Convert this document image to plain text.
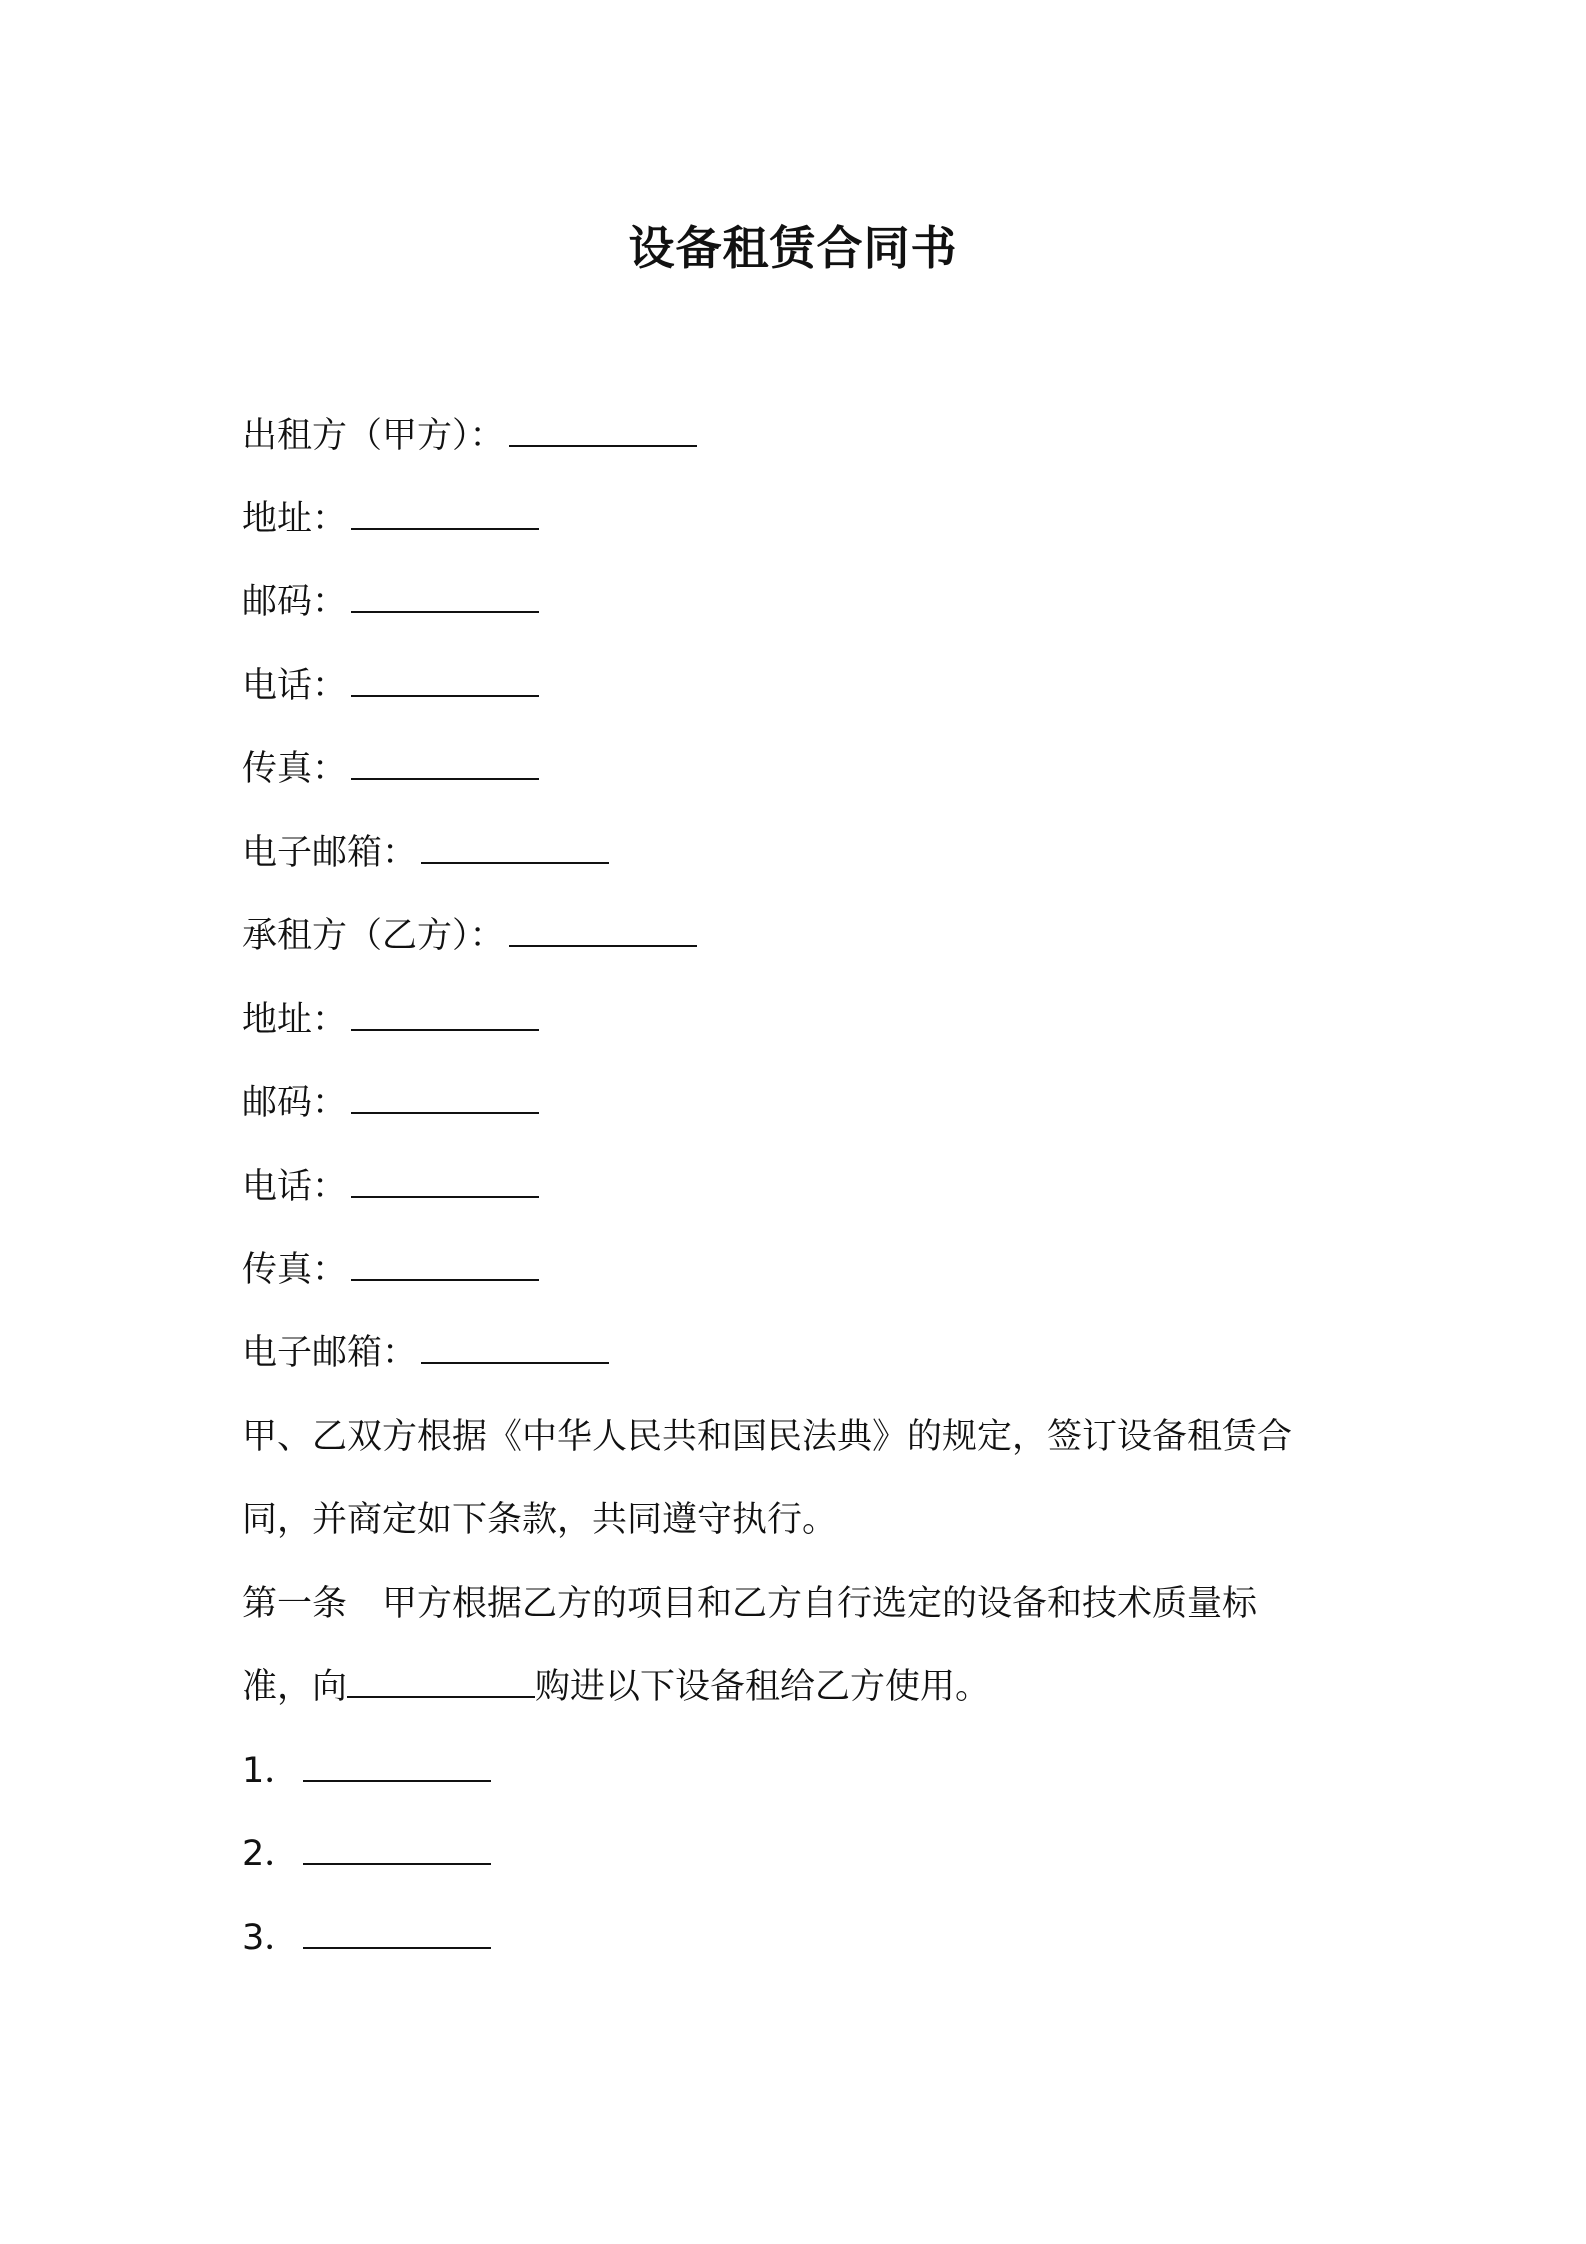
设备租赁合同书
出租方（甲方）：
地址：
邮码：
电话：
传真：
电子邮箱：
承租方（乙方）：
地址：
邮码：
电话：
传真：
电子邮箱：
甲、乙双方根据《中华人民共和国民法典》的规定，签订设备租赁合
同，并商定如下条款，共同遵守执行。
第一条　甲方根据乙方的项目和乙方自行选定的设备和技术质量标
准，向	购进以下设备租给乙方使用。
1．
2．
3．
